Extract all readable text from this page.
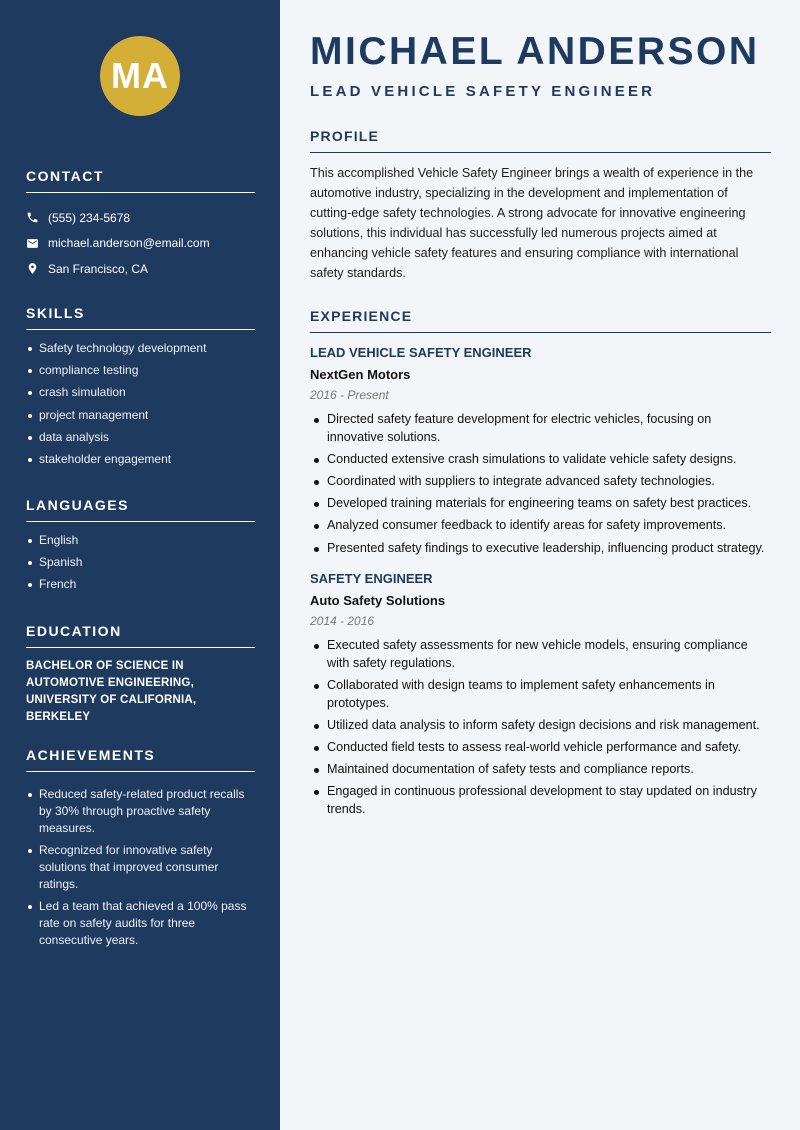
MA
CONTACT
(555) 234-5678
michael.anderson@email.com
San Francisco, CA
SKILLS
Safety technology development
compliance testing
crash simulation
project management
data analysis
stakeholder engagement
LANGUAGES
English
Spanish
French
EDUCATION
BACHELOR OF SCIENCE IN AUTOMOTIVE ENGINEERING, UNIVERSITY OF CALIFORNIA, BERKELEY
ACHIEVEMENTS
Reduced safety-related product recalls by 30% through proactive safety measures.
Recognized for innovative safety solutions that improved consumer ratings.
Led a team that achieved a 100% pass rate on safety audits for three consecutive years.
MICHAEL ANDERSON
LEAD VEHICLE SAFETY ENGINEER
PROFILE

This accomplished Vehicle Safety Engineer brings a wealth of experience in the automotive industry, specializing in the development and implementation of cutting-edge safety technologies. A strong advocate for innovative engineering solutions, this individual has successfully led numerous projects aimed at enhancing vehicle safety features and ensuring compliance with international safety standards.

EXPERIENCE

LEAD VEHICLE SAFETY ENGINEER

NextGen Motors

2016 - Present

Directed safety feature development for electric vehicles, focusing on innovative solutions.
Conducted extensive crash simulations to validate vehicle safety designs.
Coordinated with suppliers to integrate advanced safety technologies.
Developed training materials for engineering teams on safety best practices.
Analyzed consumer feedback to identify areas for safety improvements.
Presented safety findings to executive leadership, influencing product strategy.

SAFETY ENGINEER

Auto Safety Solutions

2014 - 2016

Executed safety assessments for new vehicle models, ensuring compliance with safety regulations.
Collaborated with design teams to implement safety enhancements in prototypes.
Utilized data analysis to inform safety design decisions and risk management.
Conducted field tests to assess real-world vehicle performance and safety.
Maintained documentation of safety tests and compliance reports.
Engaged in continuous professional development to stay updated on industry trends.
